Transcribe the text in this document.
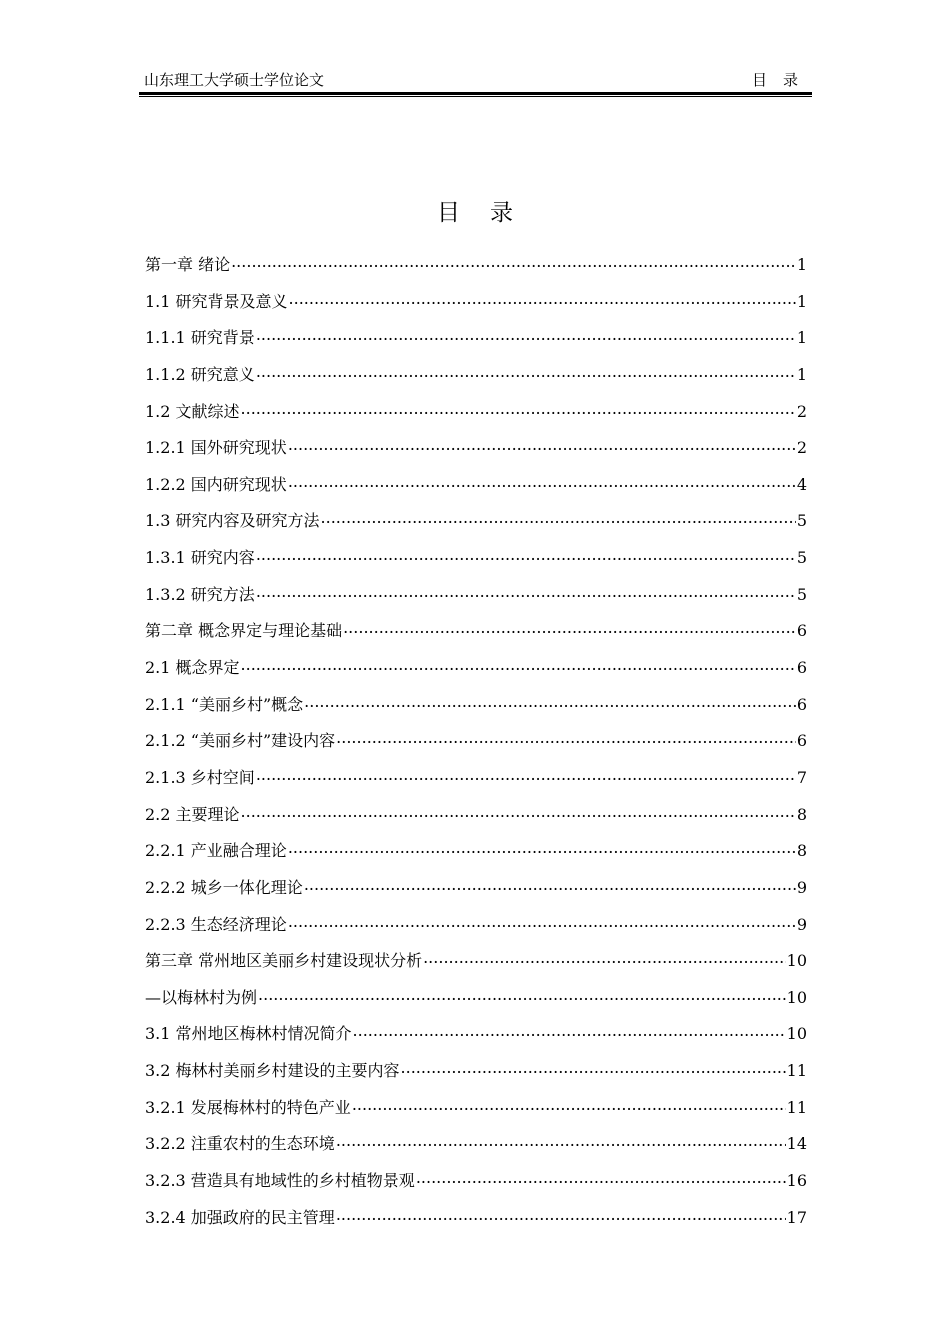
山东理工大学硕士学位论文	目录
目录
第一章 绪论 .....	1
1.1 研究背景及意义 .....	1
1.1.1 研究背景 .....	1
1.1.2 研究意义 .....	1
1.2 文献综述 .....	2
1.2.1 国外研究现状 .....	2
1.2.2 国内研究现状 .....	4
1.3 研究内容及研究方法 .....	5
1.3.1 研究内容 .....	5
1.3.2 研究方法 .....	5
第二章 概念界定与理论基础 .....	6
2.1 概念界定 .....	6
2.1.1 “美丽乡村”概念 .....	6
2.1.2 “美丽乡村”建设内容 .....	6
2.1.3 乡村空间 .....	7
2.2 主要理论 .....	8
2.2.1 产业融合理论 .....	8
2.2.2 城乡一体化理论 .....	9
2.2.3 生态经济理论 .....	9
第三章 常州地区美丽乡村建设现状分析 .....	10
—以梅林村为例 .....	10
3.1 常州地区梅林村情况简介 .....	10
3.2 梅林村美丽乡村建设的主要内容 .....	11
3.2.1 发展梅林村的特色产业 .....	11
3.2.2 注重农村的生态环境 .....	14
3.2.3 营造具有地域性的乡村植物景观 .....	16
3.2.4 加强政府的民主管理 .....	17
